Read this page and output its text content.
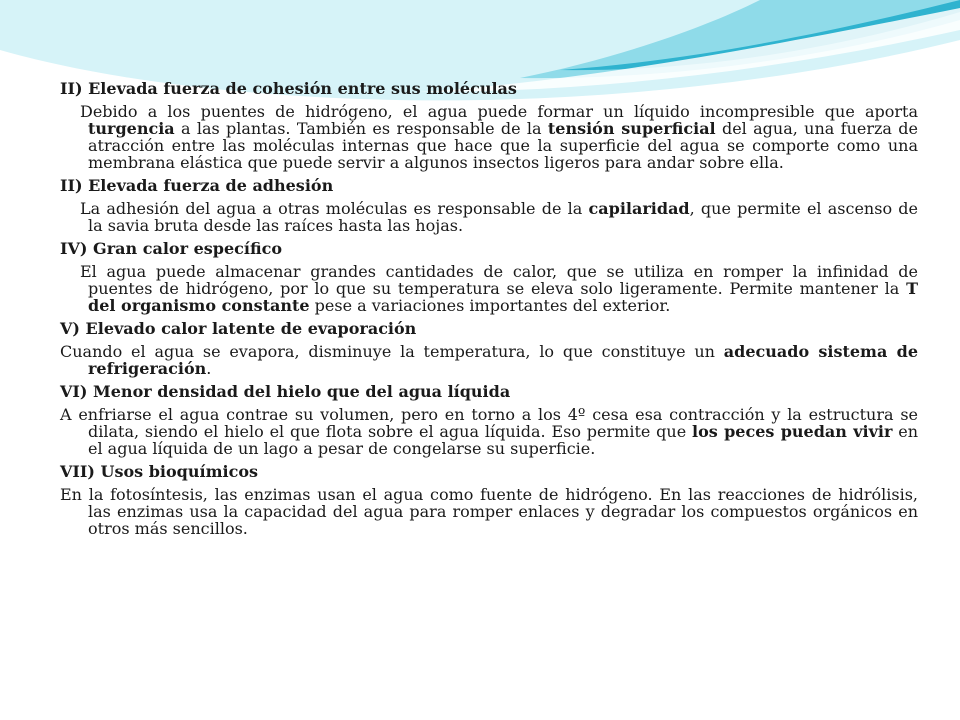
II) Elevada fuerza de cohesión entre sus moléculas
Debido a los puentes de hidrógeno, el agua puede formar un líquido incompresible que aporta turgencia a las plantas. También es responsable de la tensión superficial del agua, una fuerza de atracción entre las moléculas internas que hace que la superficie del agua se comporte como una membrana elástica que puede servir a algunos insectos ligeros para andar sobre ella.
II) Elevada fuerza de adhesión
La adhesión del agua a otras moléculas es responsable de la capilaridad, que permite el ascenso de la savia bruta desde las raíces hasta las hojas.
IV) Gran calor específico
El agua puede almacenar grandes cantidades de calor, que se utiliza en romper la infinidad de puentes de hidrógeno, por lo que su temperatura se eleva solo ligeramente. Permite mantener la T del organismo constante pese a variaciones importantes del exterior.
V) Elevado calor latente de evaporación
Cuando el agua se evapora, disminuye la temperatura, lo que constituye un adecuado sistema de refrigeración.
VI) Menor densidad del hielo que del agua líquida
A enfriarse el agua contrae su volumen, pero en torno a los 4º cesa esa contracción y la estructura se dilata, siendo el hielo el que flota sobre el agua líquida. Eso permite que los peces puedan vivir en el agua líquida de un lago a pesar de congelarse su superficie.
VII) Usos bioquímicos
En la fotosíntesis, las enzimas usan el agua como fuente de hidrógeno. En las reacciones de hidrólisis, las enzimas usa la capacidad del agua para romper enlaces y degradar los compuestos orgánicos en otros más sencillos.
